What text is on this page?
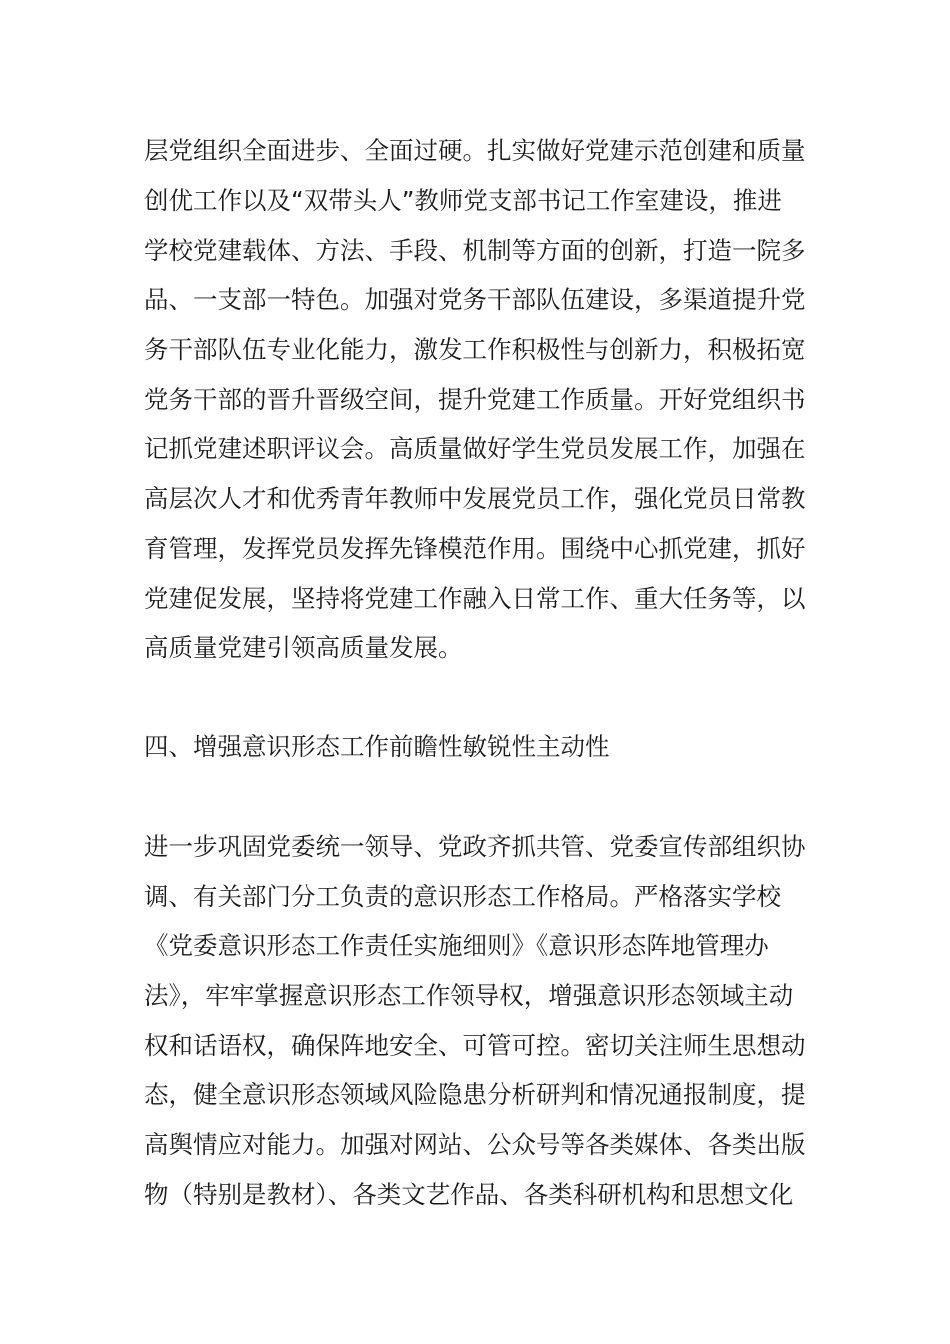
层党组织全面进步、全面过硬。扎实做好党建示范创建和质量
创优工作以及“双带头人”教师党支部书记工作室建设，推进
学校党建载体、方法、手段、机制等方面的创新，打造一院多
品、一支部一特色。加强对党务干部队伍建设，多渠道提升党
务干部队伍专业化能力，激发工作积极性与创新力，积极拓宽
党务干部的晋升晋级空间，提升党建工作质量。开好党组织书
记抓党建述职评议会。高质量做好学生党员发展工作，加强在
高层次人才和优秀青年教师中发展党员工作，强化党员日常教
育管理，发挥党员发挥先锋模范作用。围绕中心抓党建，抓好
党建促发展，坚持将党建工作融入日常工作、重大任务等，以
高质量党建引领高质量发展。
四、增强意识形态工作前瞻性敏锐性主动性
进一步巩固党委统一领导、党政齐抓共管、党委宣传部组织协
调、有关部门分工负责的意识形态工作格局。严格落实学校
《党委意识形态工作责任实施细则》《意识形态阵地管理办
法》，牢牢掌握意识形态工作领导权，增强意识形态领域主动
权和话语权，确保阵地安全、可管可控。密切关注师生思想动
态，健全意识形态领域风险隐患分析研判和情况通报制度，提
高舆情应对能力。加强对网站、公众号等各类媒体、各类出版
物（特别是教材）、各类文艺作品、各类科研机构和思想文化
